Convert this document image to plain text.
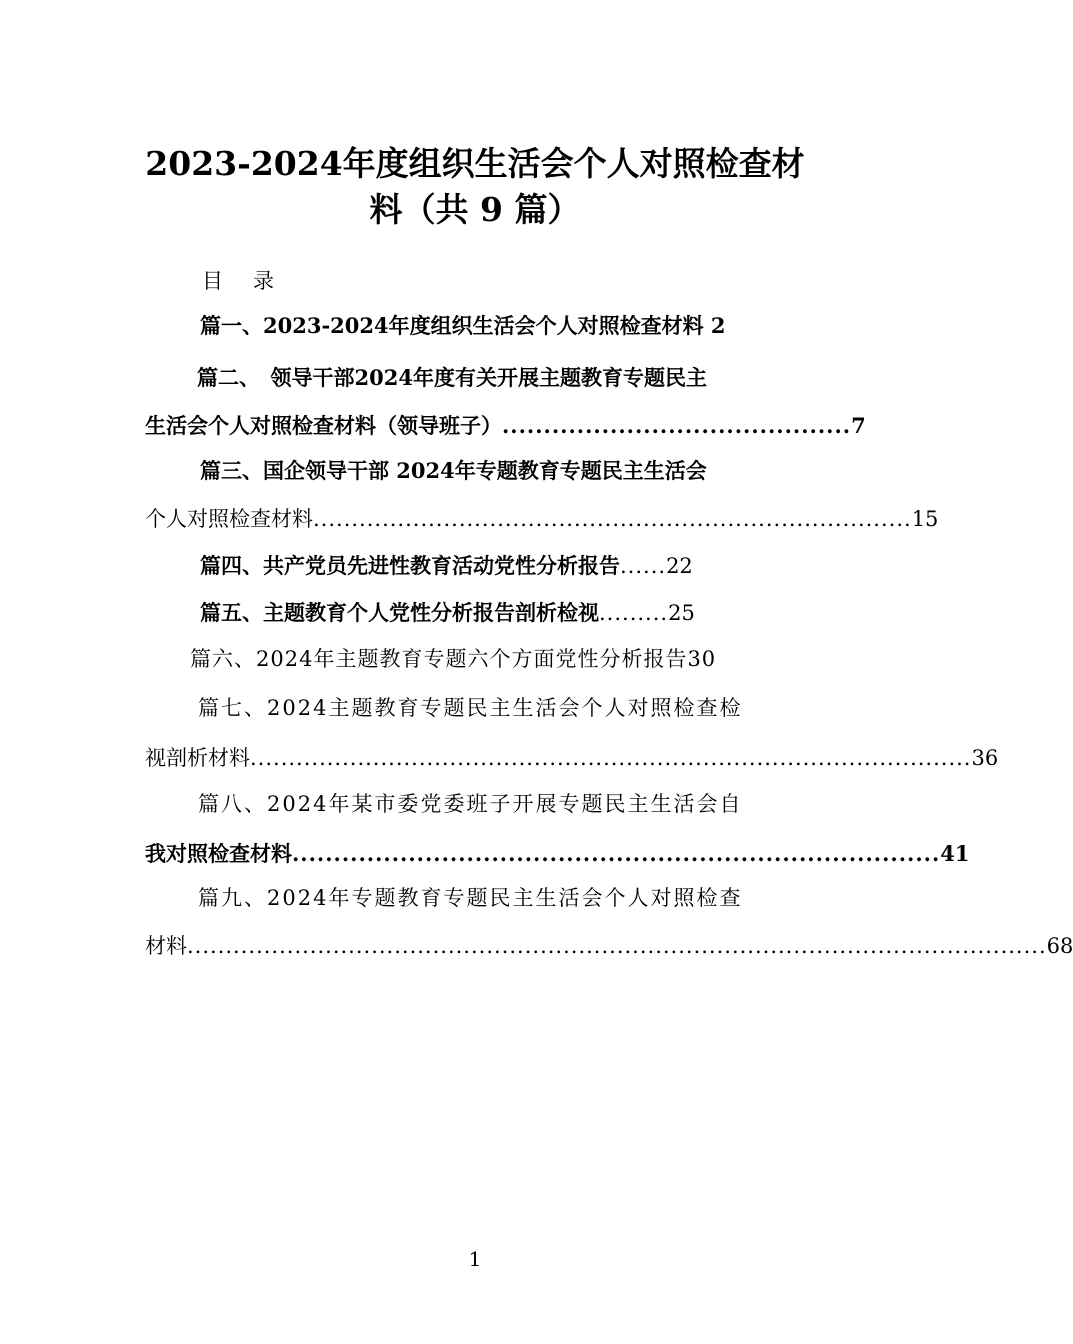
2023-2024年度组织生活会个人对照检查材
料（共 9 篇）
目 录
篇一、2023-2024年度组织生活会个人对照检查材料 2
篇二、　领导干部2024年度有关开展主题教育专题民主
生活会个人对照检查材料（领导班子） .......................................... 7
篇三、国企领导干部 2024年专题教育专题民主生活会
个人对照检查材料 .............................................................................. 15
篇四、共产党员先进性教育活动党性分析报告 ...... 22
篇五、主题教育个人党性分析报告剖析检视 ......... 25
篇六、2024年主题教育专题六个方面党性分析报告30
篇七、2024主题教育专题民主生活会个人对照检查检
视剖析材料 .............................................................................................. 36
篇八、2024年某市委党委班子开展专题民主生活会自
我对照检查材料 .............................................................................. 41
篇九、2024年专题教育专题民主生活会个人对照检查
材料 ................................................................................................................ 68
1
